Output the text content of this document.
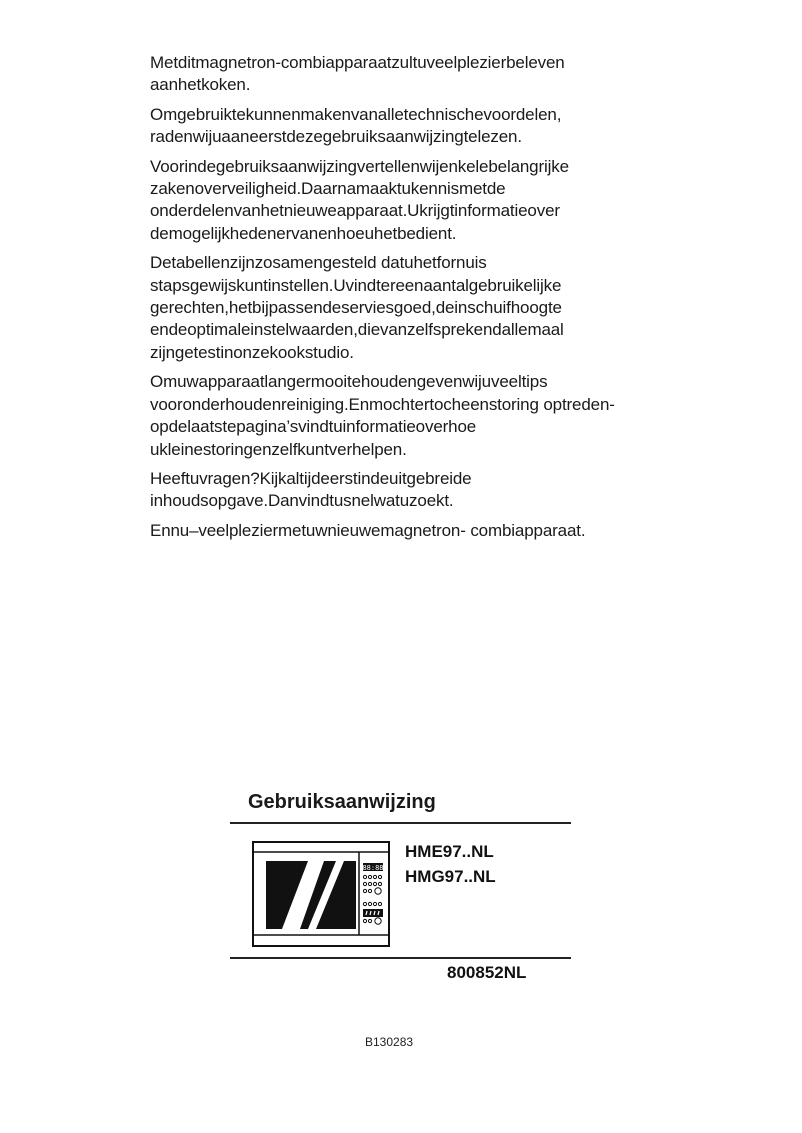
Metditmagnetron-combiapparaatzultuveelplezierbeleven aanhetkoken.

Omgebruiktekunnenmakenvanalletechnischevoordelen, radenwijuaaneerstdezegebruiksaanwijzingtelezen.

Voorindegebruiksaanwijzingvertellenwijenkelebelangrijke zakenoverveiligheid.Daarnamaaktukennismetde onderdelenvanhetnieuweapparaat.Ukrijgtinformatieover demogelijkhedenervanenhoeuhetbedient.

Detabellenzijnzosamengesteld datuhetfornuis stapsgewijskuntinstellen.Uvindtereenaantalgebruikelijke gerechten,hetbijpassendeserviesgoed,deinschuifhoogte endeoptimaleinstelwaarden,dievanzelfsprekendallemaal zijngetestinonzekookstudio.

Omuwapparaatlangermooitehoudengevenwijuveeltips vooronderhoudenreiniging.Enmochtertocheenstoring optreden-opdelaatstepagina’svindtuinformatieoverhoe ukleinestoringenzelfkuntverhelpen.

Heeftuvragen?Kijkaltijdeerstindeuitgebreide inhoudsopgave.Danvindtusnelwatuzoekt.

Ennu–veelpleziermetuwnieuwemagnetron- combiapparaat.

Gebruiksaanwijzing
88:88
HME97..NL
HMG97..NL
800852NL
B130283
